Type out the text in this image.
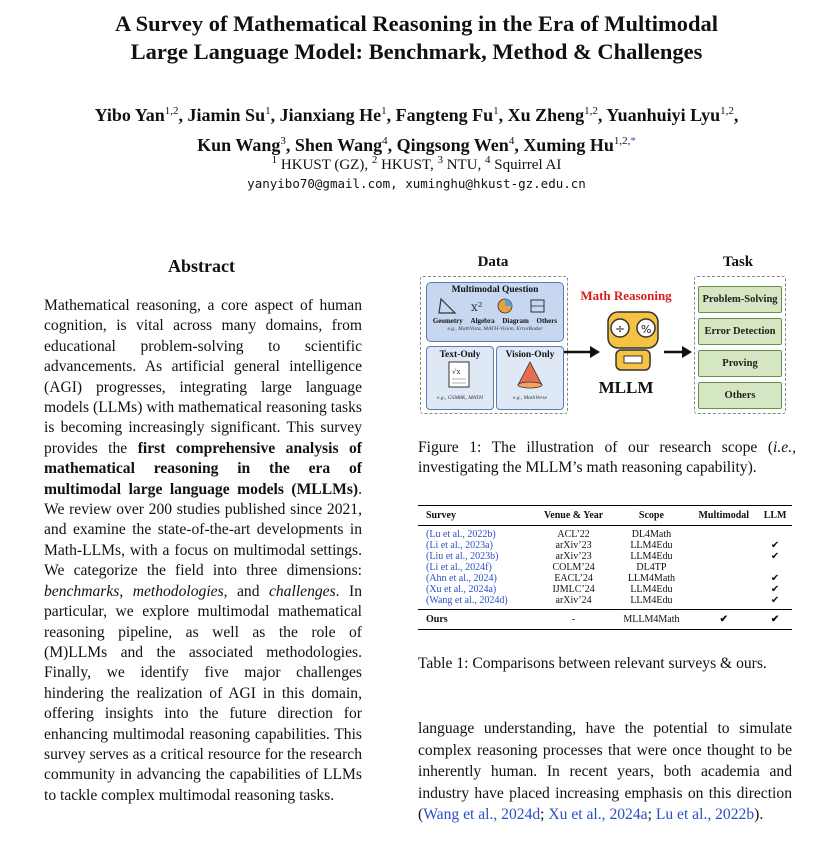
A Survey of Mathematical Reasoning in the Era of Multimodal
Large Language Model: Benchmark, Method & Challenges
Yibo Yan$^{1,2}$, Jiamin Su$^1$, Jianxiang He$^1$, Fangteng Fu$^1$, Xu Zheng$^{1,2}$, Yuanhuiyi Lyu$^{1,2}$,
Kun Wang$^3$, Shen Wang$^4$, Qingsong Wen$^4$, Xuming $Hu^{1,2,*}$
$^1$ HKUST (GZ), $^2$ HKUST, $^3$ NTU, $^4$ Squirrel AI
yanyibo70@gmail.com, xuminghu@hkust-gz.edu.cn
Abstract
Mathematical reasoning, a core aspect of human cognition, is vital across many domains, from educational problem-solving to scientific advancements. As artificial general intelligence (AGI) progresses, integrating large language models (LLMs) with mathematical reasoning tasks is becoming increasingly significant. This survey provides the first comprehensive analysis of mathematical reasoning in the era of multimodal large language models (MLLMs). We review over 200 studies published since 2021, and examine the state-of-the-art developments in Math-LLMs, with a focus on multimodal settings. We categorize the field into three dimensions: benchmarks, methodologies, and challenges. In particular, we explore multimodal mathematical reasoning pipeline, as well as the role of (M)LLMs and the associated methodologies. Finally, we identify five major challenges hindering the realization of AGI in this domain, offering insights into the future direction for enhancing multimodal reasoning capabilities. This survey serves as a critical resource for the research community in advancing the capabilities of LLMs to tackle complex multimodal reasoning tasks.
Data	Task
Multimodal Question
x²
Geometry Algebra Diagram Others
e.g., MathVista, MATH-Vision, ErrorRadar
Text-Only
√x
e.g., GSM8K, MATH
Vision-Only
e.g., MathVerse
Math Reasoning
÷ %
MLLM
Problem-Solving
Error Detection
Proving
Others
Figure 1: The illustration of our research scope (i.e., investigating the MLLM’s math reasoning capability).
Survey	Venue & Year	Scope	Multimodal	LLM
(Lu et al., 2022b)	ACL’22	DL4Math		
(Li et al., 2023a)	arXiv’23	LLM4Edu		✔
(Liu et al., 2023b)	arXiv’23	LLM4Edu		✔
(Li et al., 2024f)	COLM’24	DL4TP		
(Ahn et al., 2024)	EACL’24	LLM4Math		✔
(Xu et al., 2024a)	IJMLC’24	LLM4Edu		✔
(Wang et al., 2024d)	arXiv’24	LLM4Edu		✔
Ours	-	MLLM4Math	✔	✔
Table 1: Comparisons between relevant surveys & ours.
language understanding, have the potential to simulate complex reasoning processes that were once thought to be inherently human. In recent years, both academia and industry have placed increasing emphasis on this direction (Wang et al., 2024d; Xu et al., 2024a; Lu et al., 2022b).
